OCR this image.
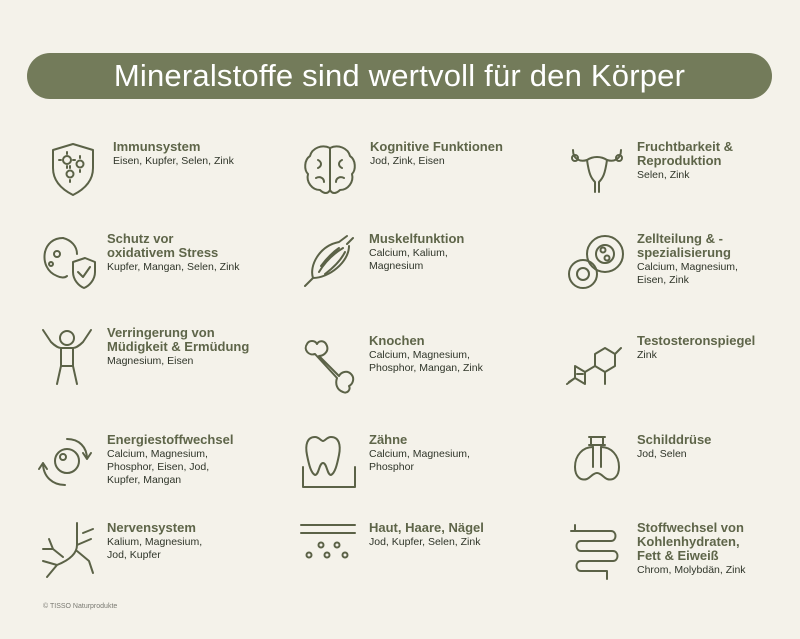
Mineralstoffe sind wertvoll für den Körper
Immunsystem
Eisen, Kupfer, Selen, Zink
Kognitive Funktionen
Jod, Zink, Eisen
Fruchtbarkeit &
Reproduktion
Selen, Zink
Schutz vor
oxidativem Stress
Kupfer, Mangan, Selen, Zink
Muskelfunktion
Calcium, Kalium,
Magnesium
Zellteilung & -
spezialisierung
Calcium, Magnesium,
Eisen, Zink
Verringerung von
Müdigkeit & Ermüdung
Magnesium, Eisen
Knochen
Calcium, Magnesium,
Phosphor, Mangan, Zink
Testosteronspiegel
Zink
Energiestoffwechsel
Calcium, Magnesium,
Phosphor, Eisen, Jod,
Kupfer, Mangan
Zähne
Calcium, Magnesium,
Phosphor
Schilddrüse
Jod, Selen
Nervensystem
Kalium, Magnesium,
Jod, Kupfer
Haut, Haare, Nägel
Jod, Kupfer, Selen, Zink
Stoffwechsel von
Kohlenhydraten,
Fett & Eiweiß
Chrom, Molybdän, Zink
© TISSO Naturprodukte
